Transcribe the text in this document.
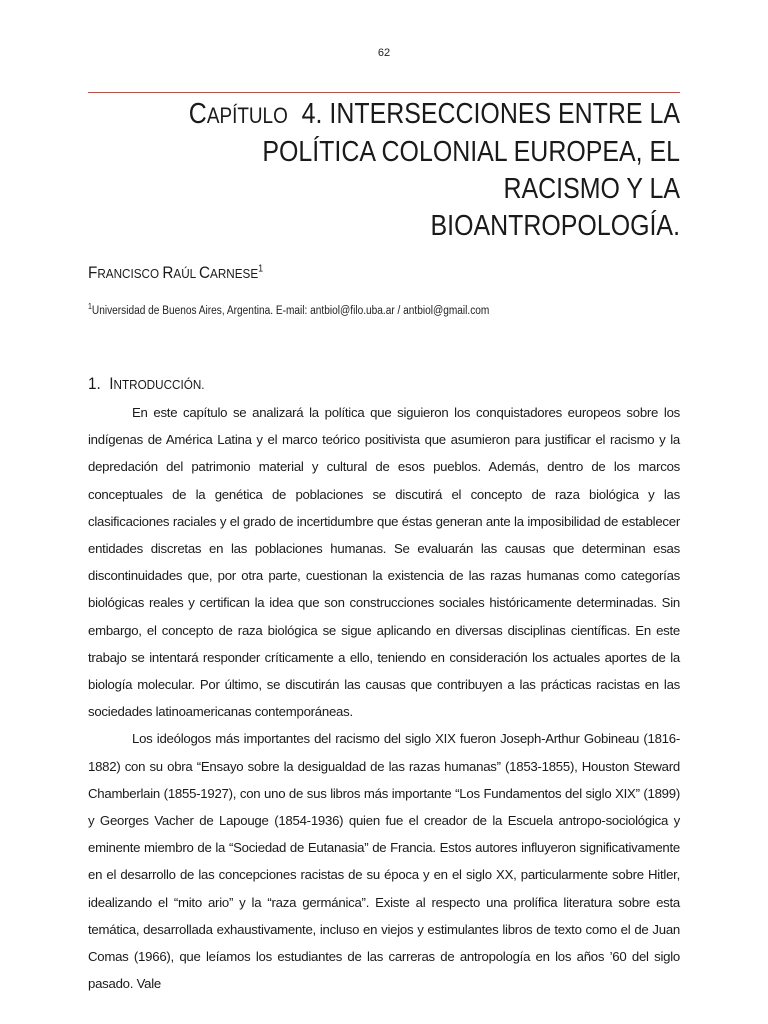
62
CAPÍTULO 4. INTERSECCIONES ENTRE LA
POLÍTICA COLONIAL EUROPEA, EL RACISMO Y LA
BIOANTROPOLOGÍA.
FRANCISCO RAÚL CARNESE$^1$
$^1$Universidad de Buenos Aires, Argentina. E-mail: antbiol@filo.uba.ar / antbiol@gmail.com
1. INTRODUCCIÓN.

En este capítulo se analizará la política que siguieron los conquistadores europeos sobre los indígenas de América Latina y el marco teórico positivista que asumieron para justificar el racismo y la depredación del patrimonio material y cultural de esos pueblos. Además, dentro de los marcos conceptuales de la genética de poblaciones se discutirá el concepto de raza biológica y las clasificaciones raciales y el grado de incertidumbre que éstas generan ante la imposibilidad de establecer entidades discretas en las poblaciones humanas. Se evaluarán las causas que determinan esas discontinuidades que, por otra parte, cuestionan la existencia de las razas humanas como categorías biológicas reales y certifican la idea que son construcciones sociales históricamente determinadas. Sin embargo, el concepto de raza biológica se sigue aplicando en diversas disciplinas científicas. En este trabajo se intentará responder críticamente a ello, teniendo en consideración los actuales aportes de la biología molecular. Por último, se discutirán las causas que contribuyen a las prácticas racistas en las sociedades latinoamericanas contemporáneas.

Los ideólogos más importantes del racismo del siglo XIX fueron Joseph-Arthur Gobineau (1816-1882) con su obra “Ensayo sobre la desigualdad de las razas humanas” (1853-1855), Houston Steward Chamberlain (1855-1927), con uno de sus libros más importante “Los Fundamentos del siglo XIX” (1899) y Georges Vacher de Lapouge (1854-1936) quien fue el creador de la Escuela antropo-sociológica y eminente miembro de la “Sociedad de Eutanasia” de Francia. Estos autores influyeron significativamente en el desarrollo de las concepciones racistas de su época y en el siglo XX, particularmente sobre Hitler, idealizando el “mito ario” y la “raza germánica”. Existe al respecto una prolífica literatura sobre esta temática, desarrollada exhaustivamente, incluso en viejos y estimulantes libros de texto como el de Juan Comas (1966), que leíamos los estudiantes de las carreras de antropología en los años ’60 del siglo pasado. Vale
